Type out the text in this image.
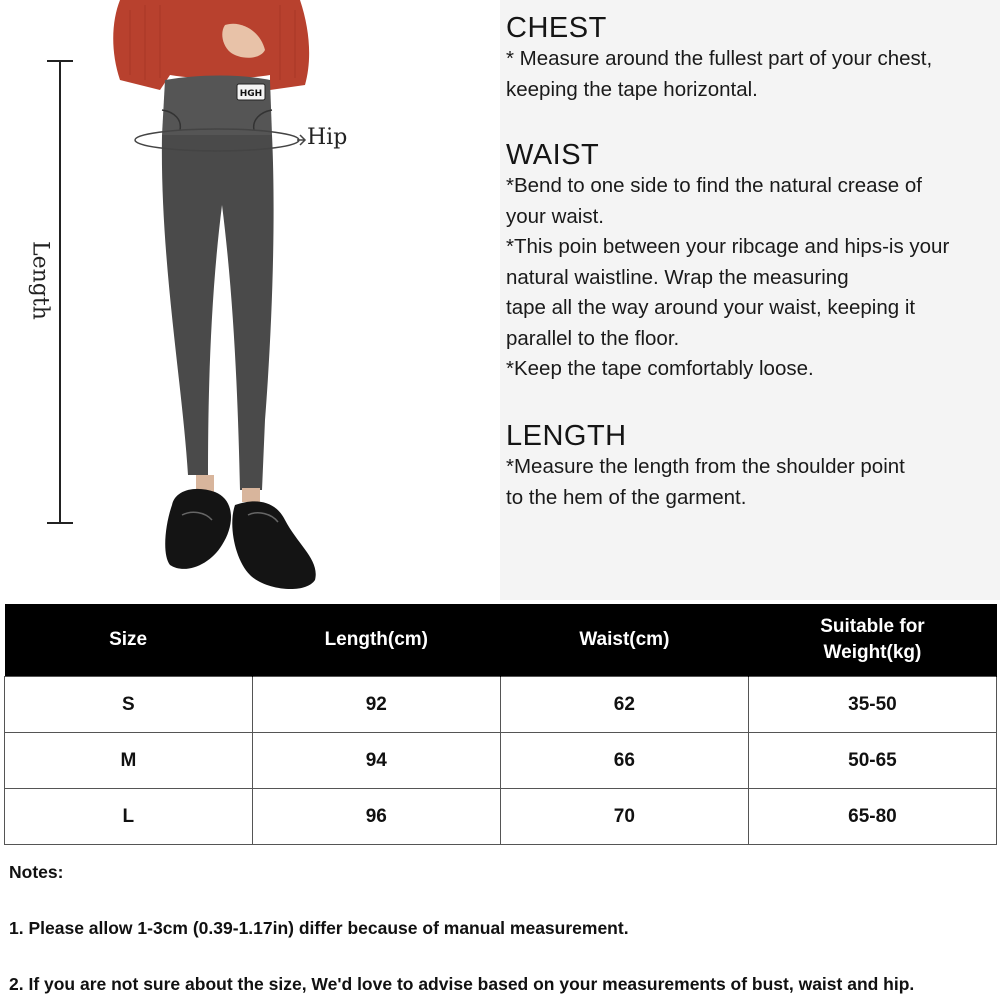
Length
HGH
Hip

CHEST

* Measure around the fullest part of your chest,

keeping the tape horizontal.

WAIST

*Bend to one side to find the natural crease of

your waist.

*This poin between your ribcage and hips-is your

natural waistline. Wrap the measuring

tape all the way around your waist, keeping it

parallel to the floor.

*Keep the tape comfortably loose.

LENGTH

*Measure the length from the shoulder point

to the hem of the garment.

Size	Length(cm)	Waist(cm)	Suitable for
Weight(kg)
S	92	62	35-50
M	94	66	50-65
L	96	70	65-80
Notes:
1. Please allow 1-3cm (0.39-1.17in) differ because of manual measurement.
2. If you are not sure about the size, We'd love to advise based on your measurements of bust, waist and hip.
